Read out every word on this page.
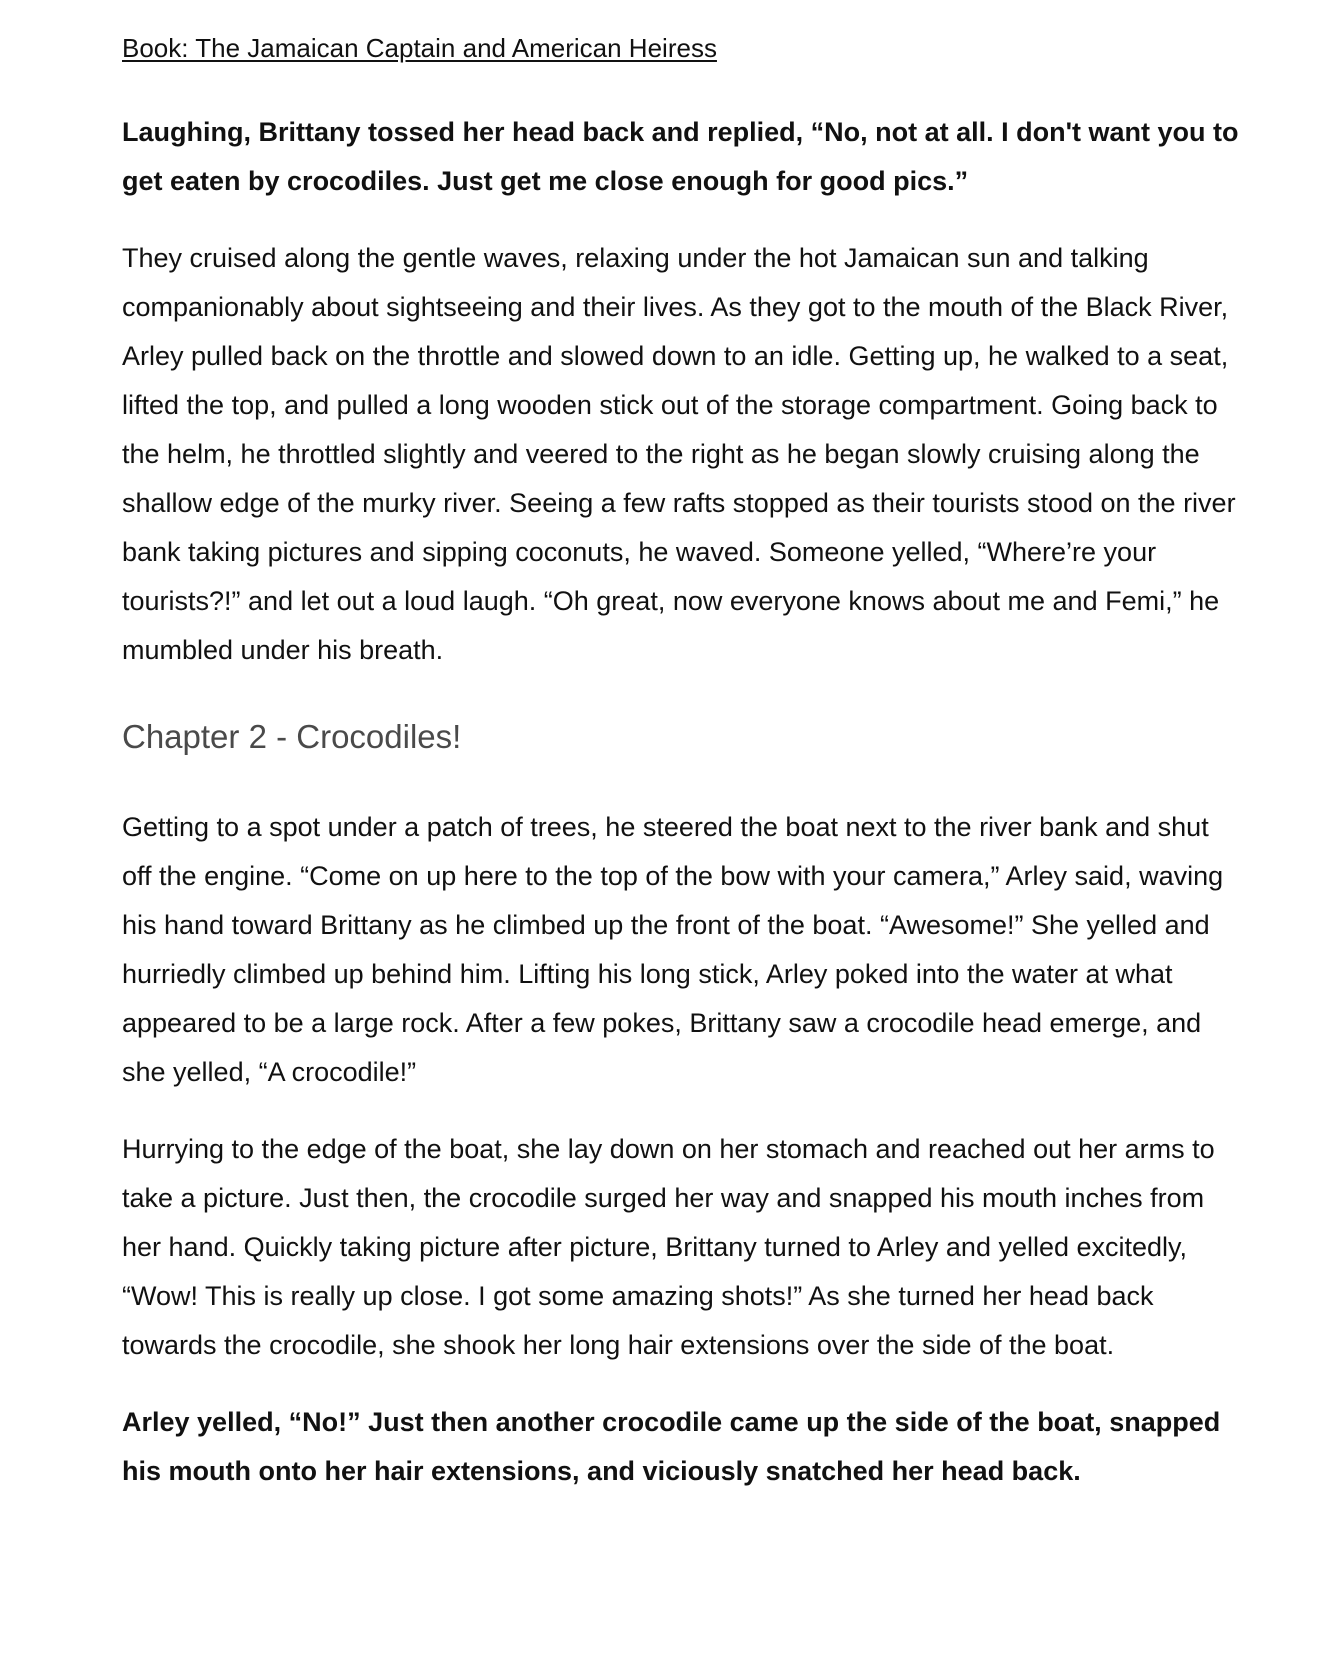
Book: The Jamaican Captain and American Heiress

Laughing, Brittany tossed her head back and replied, “No, not at all. I don't want you to get eaten by crocodiles. Just get me close enough for good pics.”

They cruised along the gentle waves, relaxing under the hot Jamaican sun and talking companionably about sightseeing and their lives. As they got to the mouth of the Black River, Arley pulled back on the throttle and slowed down to an idle. Getting up, he walked to a seat, lifted the top, and pulled a long wooden stick out of the storage compartment. Going back to the helm, he throttled slightly and veered to the right as he began slowly cruising along the shallow edge of the murky river. Seeing a few rafts stopped as their tourists stood on the river bank taking pictures and sipping coconuts, he waved. Someone yelled, “Where’re your tourists?!” and let out a loud laugh. “Oh great, now everyone knows about me and Femi,” he mumbled under his breath.

Chapter 2 - Crocodiles!

Getting to a spot under a patch of trees, he steered the boat next to the river bank and shut off the engine. “Come on up here to the top of the bow with your camera,” Arley said, waving his hand toward Brittany as he climbed up the front of the boat. “Awesome!” She yelled and hurriedly climbed up behind him. Lifting his long stick, Arley poked into the water at what appeared to be a large rock. After a few pokes, Brittany saw a crocodile head emerge, and she yelled, “A crocodile!”

Hurrying to the edge of the boat, she lay down on her stomach and reached out her arms to take a picture. Just then, the crocodile surged her way and snapped his mouth inches from her hand. Quickly taking picture after picture, Brittany turned to Arley and yelled excitedly, “Wow! This is really up close. I got some amazing shots!” As she turned her head back towards the crocodile, she shook her long hair extensions over the side of the boat.

Arley yelled, “No!” Just then another crocodile came up the side of the boat, snapped his mouth onto her hair extensions, and viciously snatched her head back.
